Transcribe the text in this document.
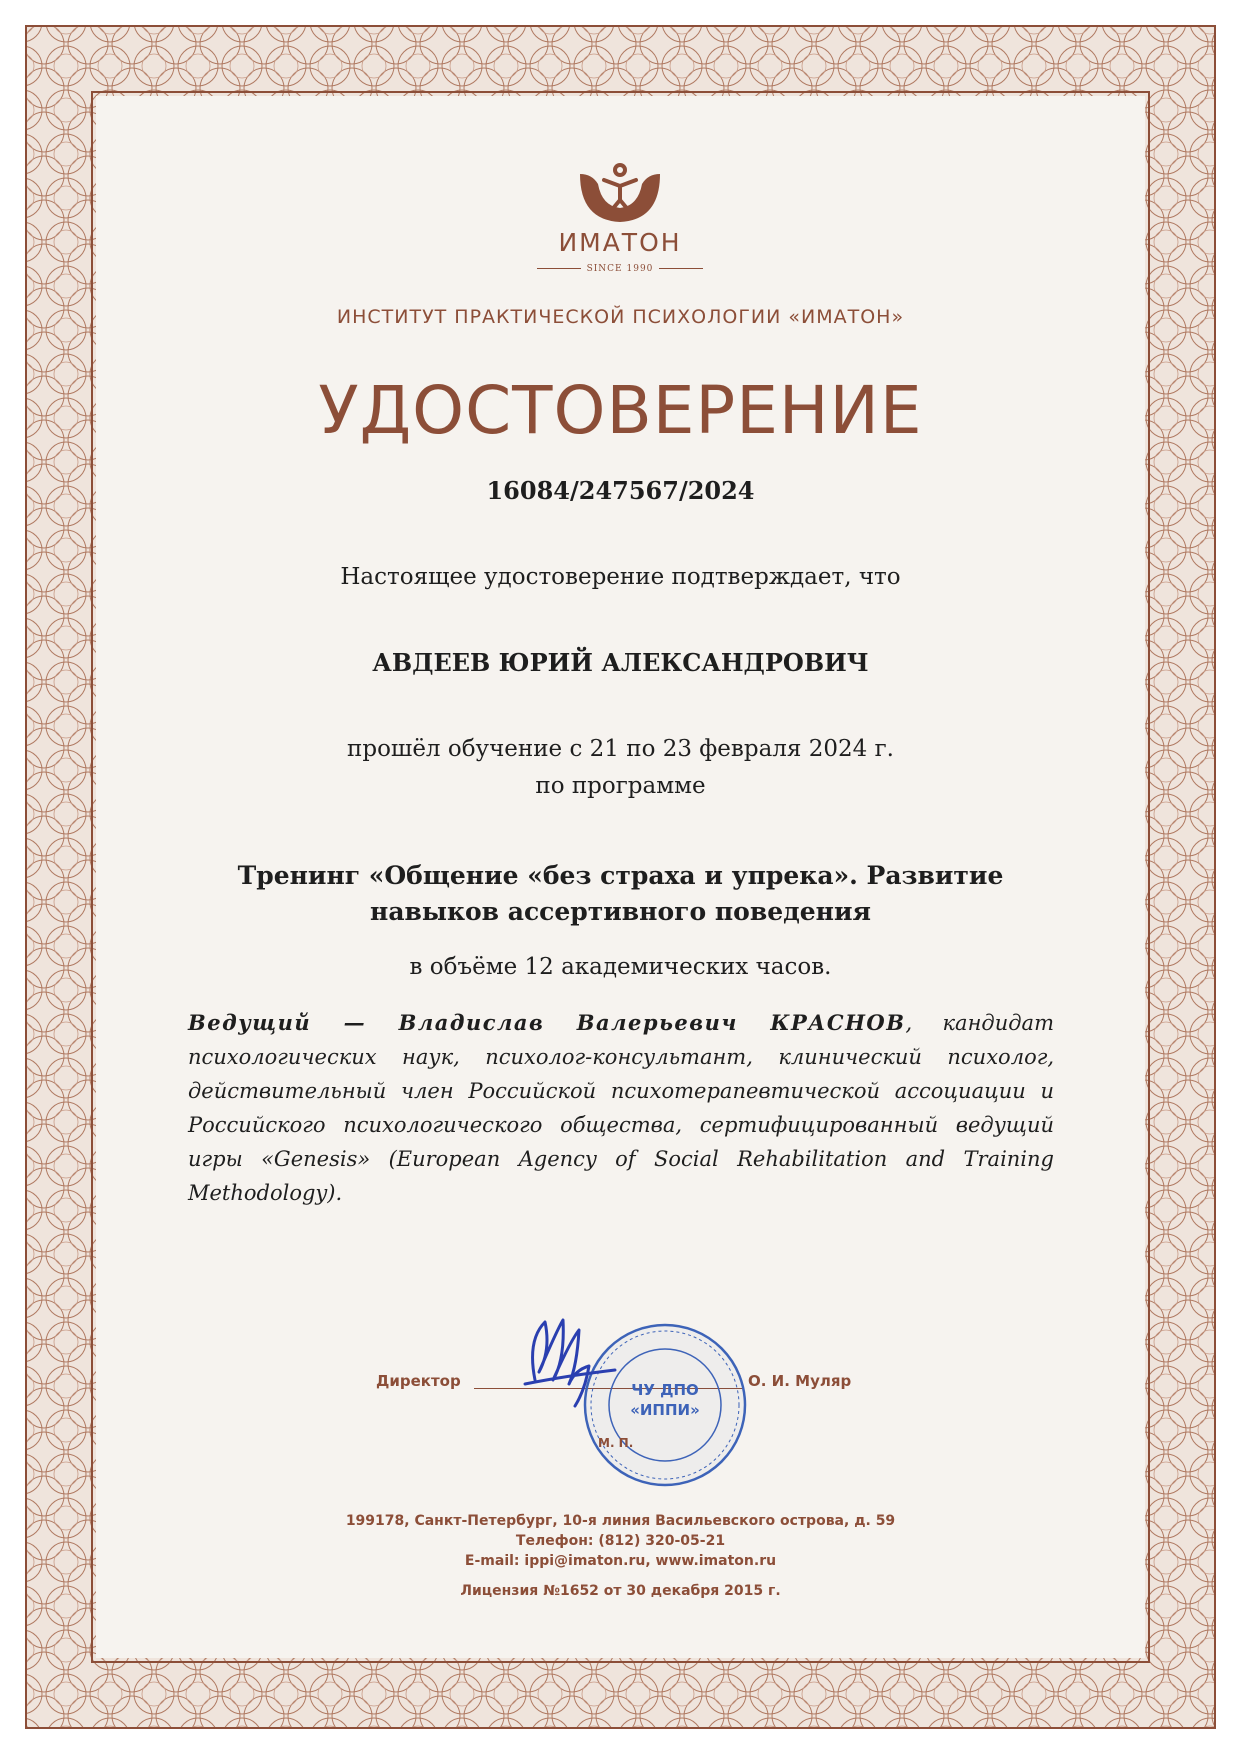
ИМАТОН
SINCE 1990
ИНСТИТУТ ПРАКТИЧЕСКОЙ ПСИХОЛОГИИ «ИМАТОН»
УДОСТОВЕРЕНИЕ
16084/247567/2024
Настоящее удостоверение подтверждает, что
АВДЕЕВ ЮРИЙ АЛЕКСАНДРОВИЧ
прошёл обучение с 21 по 23 февраля 2024 г.
по программе
Тренинг «Общение «без страха и упрека». Развитие
навыков ассертивного поведения
в объёме 12 академических часов.
Ведущий — Владислав Валерьевич КРАСНОВ, кандидат психологических наук, психолог-консультант, клинический психолог, действительный член Российской психотерапевтической ассоциации и Российского психологического общества, сертифицированный ведущий игры «Genesis» (European Agency of Social Rehabilitation and Training Methodology).
Директор	О. И. Муляр
ЧУ ДПО
«ИППИ»
М. П.
199178, Санкт-Петербург, 10-я линия Васильевского острова, д. 59
Телефон: (812) 320-05-21
E-mail: ippi@imaton.ru, www.imaton.ru
Лицензия №1652 от 30 декабря 2015 г.
